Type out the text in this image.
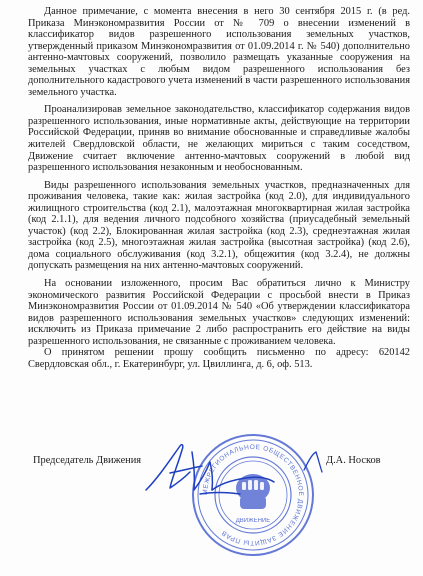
Данное примечание, с момента внесения в него 30 сентября 2015 г. (в ред. Приказа Минэкономразвития России от № 709 о внесении изменений в классификатор видов разрешенного использования земельных участков, утвержденный приказом Минэкономразвития от 01.09.2014 г. № 540) дополнительно антенно-мачтовых сооружений, позволило размещать указанные сооружения на земельных участках с любым видом разрешенного использования без дополнительного кадастрового учета изменений в части разрешенного использования земельного участка.

Проанализировав земельное законодательство, классификатор содержания видов разрешенного использования, иные нормативные акты, действующие на территории Российской Федерации, приняв во внимание обоснованные и справедливые жалобы жителей Свердловской области, не желающих мириться с таким соседством, Движение считает включение антенно-мачтовых сооружений в любой вид разрешенного использования незаконным и необоснованным.

Виды разрешенного использования земельных участков, предназначенных для проживания человека, такие как: жилая застройка (код 2.0), для индивидуального жилищного строительства (код 2.1), малоэтажная многоквартирная жилая застройка (код 2.1.1), для ведения личного подсобного хозяйства (приусадебный земельный участок) (код 2.2), Блокированная жилая застройка (код 2.3), среднеэтажная жилая застройка (код 2.5), многоэтажная жилая застройка (высотная застройка) (код 2.6), дома социального обслуживания (код 3.2.1), общежития (код 3.2.4), не должны допускать размещения на них антенно-мачтовых сооружений.

На основании изложенного, просим Вас обратиться лично к Министру экономического развития Российской Федерации с просьбой внести в Приказ Минэкономразвития России от 01.09.2014 № 540 «Об утверждении классификатора видов разрешенного использования земельных участков» следующих изменений: исключить из Приказа примечание 2 либо распространить его действие на виды разрешенного использования, не связанные с проживанием человека.

О принятом решении прошу сообщить письменно по адресу: 620142 Свердловская обл., г. Екатеринбург, ул. Цвиллинга, д. 6, оф. 513.

МЕЖРЕГИОНАЛЬНОЕ ОБЩЕСТВЕННОЕ ДВИЖЕНИЕ ЗАЩИТЫ ПРАВ
ДВИЖЕНИЕ
Председатель Движения	Д.А. Носков
